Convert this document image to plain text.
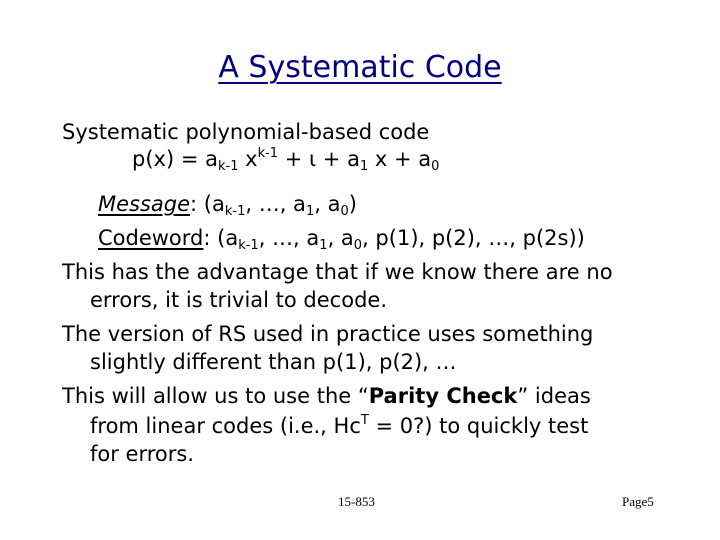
A Systematic Code
Systematic polynomial-based code
$p(x) = a_{k-1}$ $x^{k-1} + \iota + a_1$ $x + a_0$
Message: ($a_{k-1}$, …, $a_1$, $a_0$)
Codeword: ($a_{k-1}$, …, $a_1$, $a_0$, p(1), p(2), …, p(2s))
This has the advantage that if we know there are no
errors, it is trivial to decode.
The version of RS used in practice uses something
slightly different than p(1), p(2), …
This will allow us to use the “Parity Check” ideas
from linear codes (i.e., $Hc^T$ = 0?) to quickly test
for errors.
15-853	Page5
